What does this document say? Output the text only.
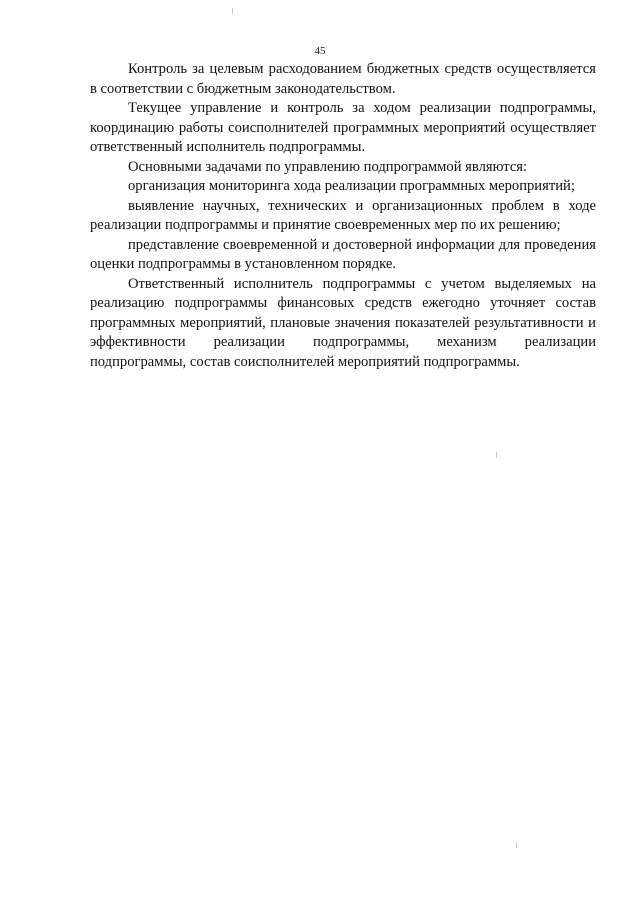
45

Контроль за целевым расходованием бюджетных средств осуществляется в соответствии с бюджетным законодательством.

Текущее управление и контроль за ходом реализации подпрограммы, координацию работы соисполнителей программных мероприятий осуществляет ответственный исполнитель подпрограммы.

Основными задачами по управлению подпрограммой являются:

организация мониторинга хода реализации программных мероприятий;

выявление научных, технических и организационных проблем в ходе реализации подпрограммы и принятие своевременных мер по их решению;

представление своевременной и достоверной информации для проведения оценки подпрограммы в установленном порядке.

Ответственный исполнитель подпрограммы с учетом выделяемых на реализацию подпрограммы финансовых средств ежегодно уточняет состав программных мероприятий, плановые значения показателей результативности и эффективности реализации подпрограммы, механизм реализации подпрограммы, состав соисполнителей мероприятий подпрограммы.
